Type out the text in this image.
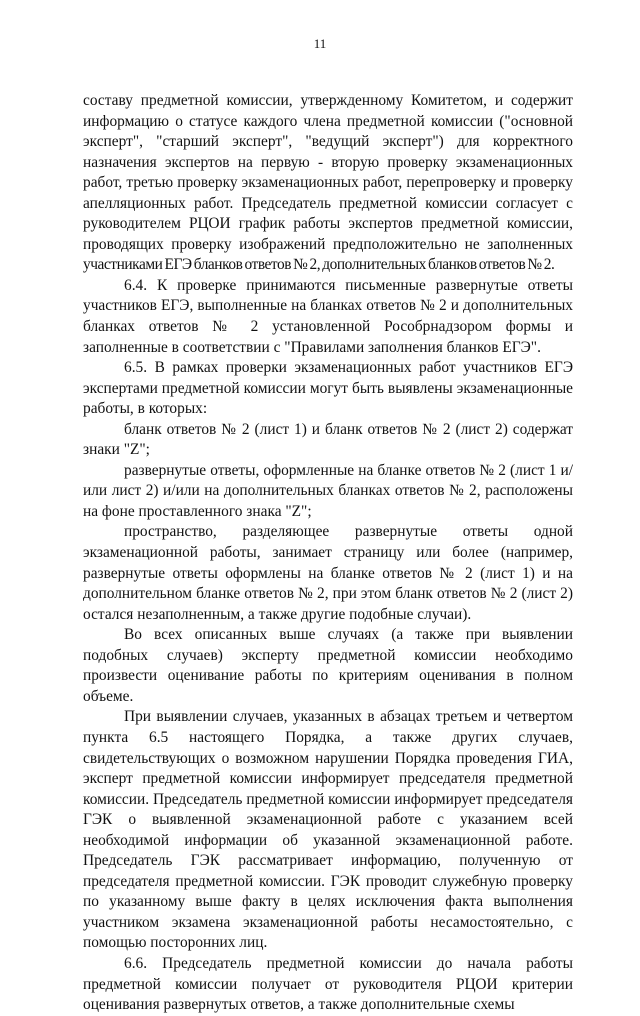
11

составу предметной комиссии, утвержденному Комитетом, и содержит информацию о статусе каждого члена предметной комиссии ("основной эксперт", "старший эксперт", "ведущий эксперт") для корректного назначения экспертов на первую - вторую проверку экзаменационных работ, третью проверку экзаменационных работ, перепроверку и проверку апелляционных работ. Председатель предметной комиссии согласует с руководителем РЦОИ график работы экспертов предметной комиссии, проводящих проверку изображений предположительно не заполненных участниками ЕГЭ бланков ответов № 2, дополнительных бланков ответов № 2.

6.4. К проверке принимаются письменные развернутые ответы участников ЕГЭ, выполненные на бланках ответов № 2 и дополнительных бланках ответов № 2 установленной Рособрнадзором формы и заполненные в соответствии с "Правилами заполнения бланков ЕГЭ".

6.5. В рамках проверки экзаменационных работ участников ЕГЭ экспертами предметной комиссии могут быть выявлены экзаменационные работы, в которых:

бланк ответов № 2 (лист 1) и бланк ответов № 2 (лист 2) содержат знаки "Z";

развернутые ответы, оформленные на бланке ответов № 2 (лист 1 и/или лист 2) и/или на дополнительных бланках ответов № 2, расположены на фоне проставленного знака "Z";

пространство, разделяющее развернутые ответы одной экзаменационной работы, занимает страницу или более (например, развернутые ответы оформлены на бланке ответов № 2 (лист 1) и на дополнительном бланке ответов № 2, при этом бланк ответов № 2 (лист 2) остался незаполненным, а также другие подобные случаи).

Во всех описанных выше случаях (а также при выявлении подобных случаев) эксперту предметной комиссии необходимо произвести оценивание работы по критериям оценивания в полном объеме.

При выявлении случаев, указанных в абзацах третьем и четвертом пункта 6.5 настоящего Порядка, а также других случаев, свидетельствующих о возможном нарушении Порядка проведения ГИА, эксперт предметной комиссии информирует председателя предметной комиссии. Председатель предметной комиссии информирует председателя ГЭК о выявленной экзаменационной работе с указанием всей необходимой информации об указанной экзаменационной работе. Председатель ГЭК рассматривает информацию, полученную от председателя предметной комиссии. ГЭК проводит служебную проверку по указанному выше факту в целях исключения факта выполнения участником экзамена экзаменационной работы несамостоятельно, с помощью посторонних лиц.

6.6. Председатель предметной комиссии до начала работы предметной комиссии получает от руководителя РЦОИ критерии оценивания развернутых ответов, а также дополнительные схемы
